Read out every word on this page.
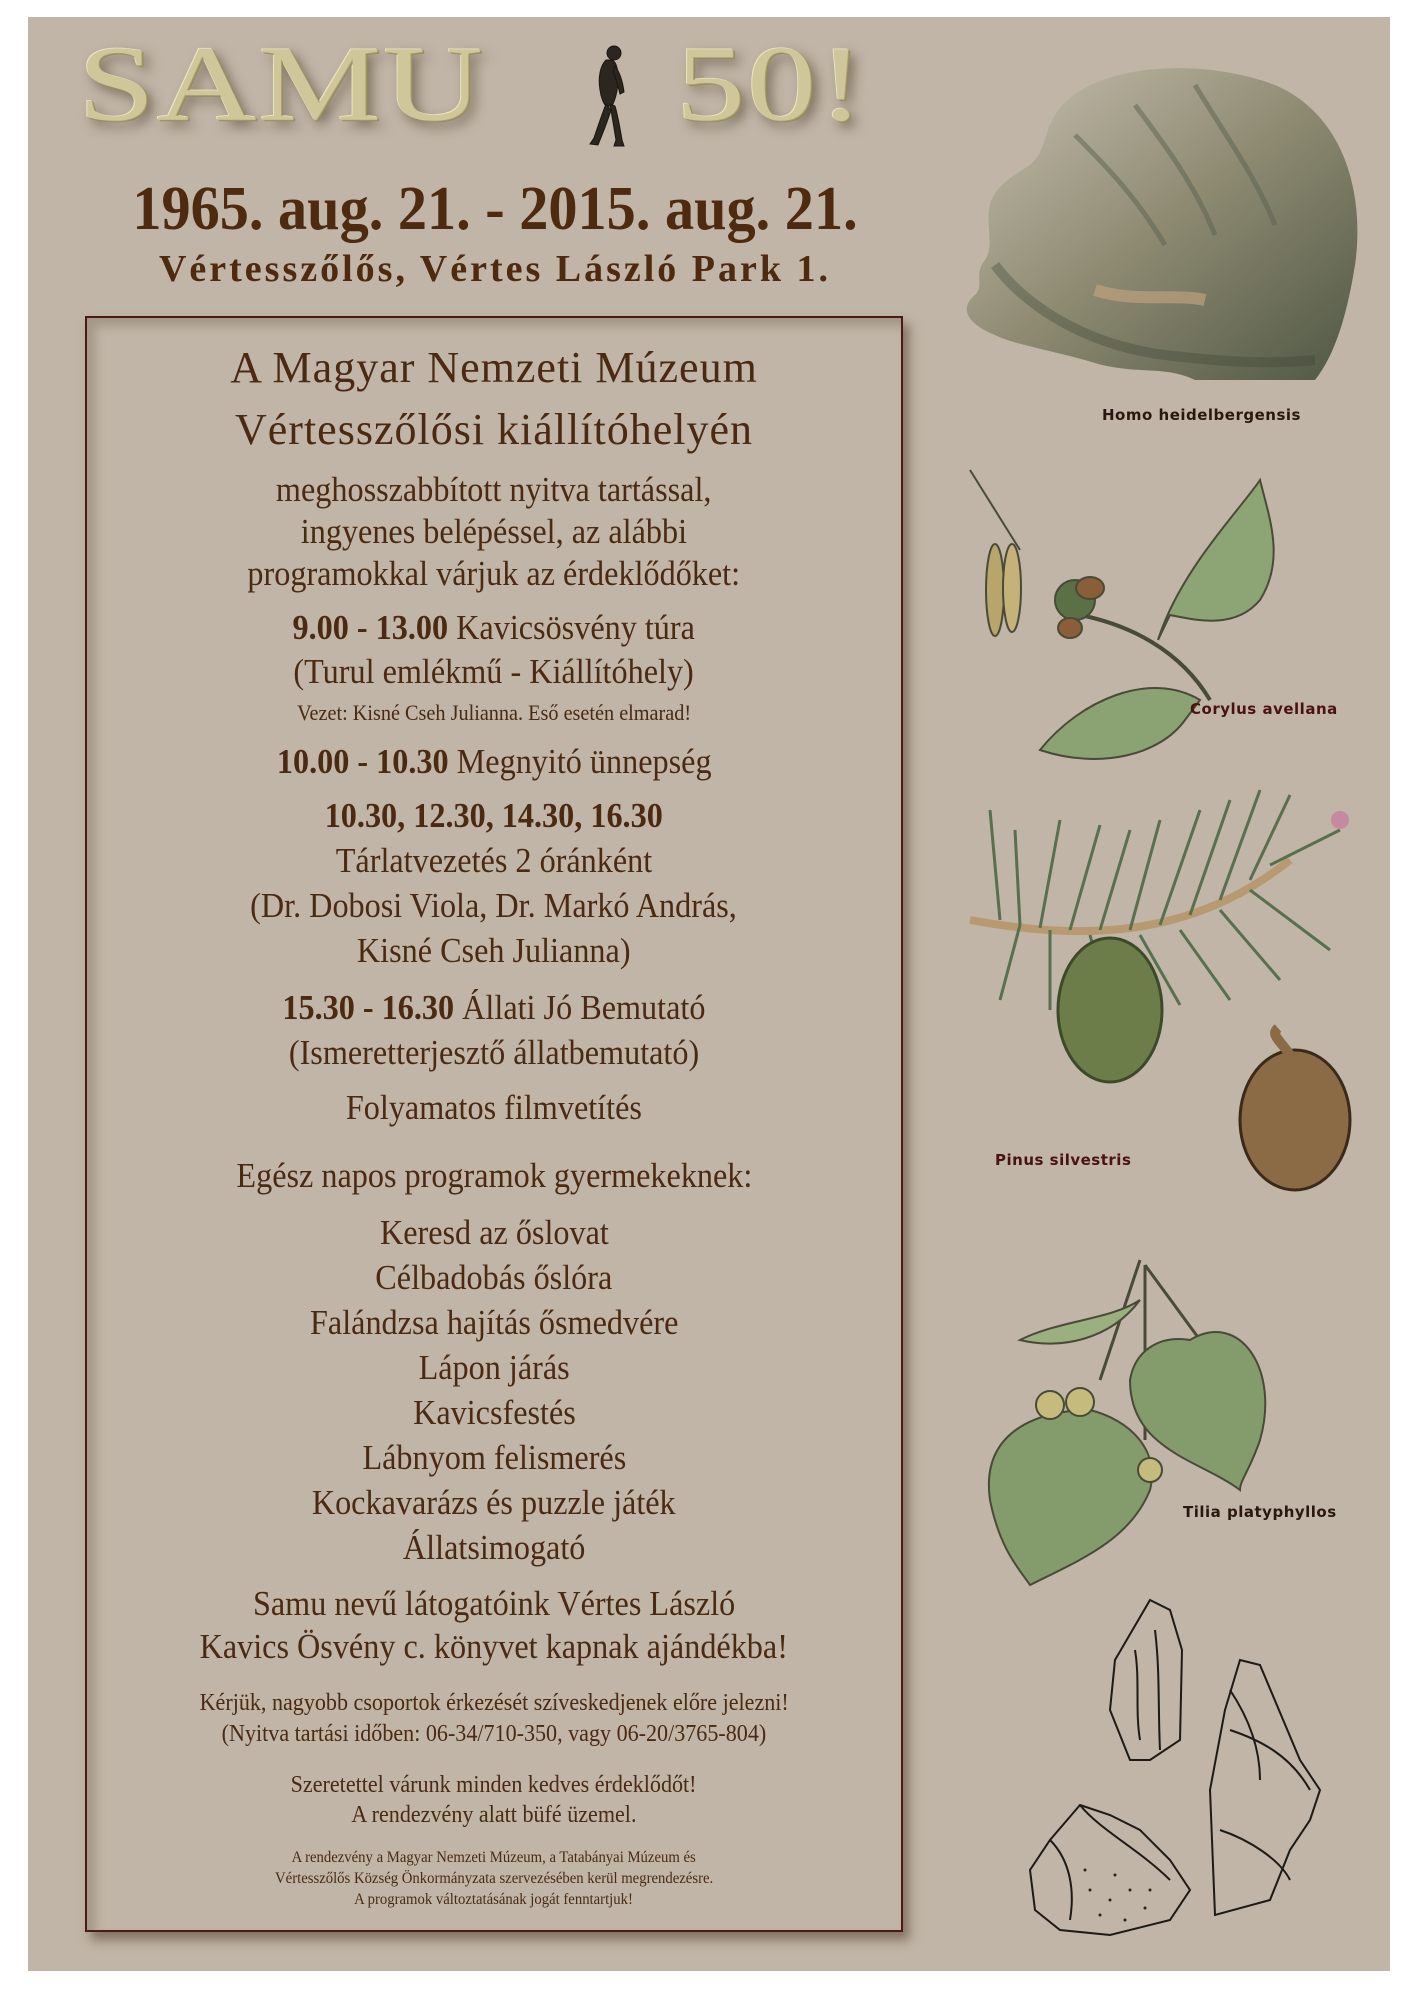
SAMU 50!
1965. aug. 21. - 2015. aug. 21.
Vértesszőlős, Vértes László Park 1.
A Magyar Nemzeti Múzeum
Vértesszőlősi kiállítóhelyén
meghosszabbított nyitva tartással,
ingyenes belépéssel, az alábbi
programokkal várjuk az érdeklődőket:
9.00 - 13.00 Kavicsösvény túra
(Turul emlékmű - Kiállítóhely)
Vezet: Kisné Cseh Julianna. Eső esetén elmarad!
10.00 - 10.30 Megnyitó ünnepség
10.30, 12.30, 14.30, 16.30
Tárlatvezetés 2 óránként
(Dr. Dobosi Viola, Dr. Markó András,
Kisné Cseh Julianna)
15.30 - 16.30 Állati Jó Bemutató
(Ismeretterjesztő állatbemutató)
Folyamatos filmvetítés
Egész napos programok gyermekeknek:
Keresd az őslovat
Célbadobás őslóra
Falándzsa hajítás ősmedvére
Lápon járás
Kavicsfestés
Lábnyom felismerés
Kockavarázs és puzzle játék
Állatsimogató
Samu nevű látogatóink Vértes László
Kavics Ösvény c. könyvet kapnak ajándékba!
Kérjük, nagyobb csoportok érkezését szíveskedjenek előre jelezni!
(Nyitva tartási időben: 06-34/710-350, vagy 06-20/3765-804)
Szeretettel várunk minden kedves érdeklődőt!
A rendezvény alatt büfé üzemel.
A rendezvény a Magyar Nemzeti Múzeum, a Tatabányai Múzeum és
Vértesszőlős Község Önkormányzata szervezésében kerül megrendezésre.
A programok változtatásának jogát fenntartjuk!
Homo heidelbergensis
Corylus avellana
Pinus silvestris
Tilia platyphyllos
